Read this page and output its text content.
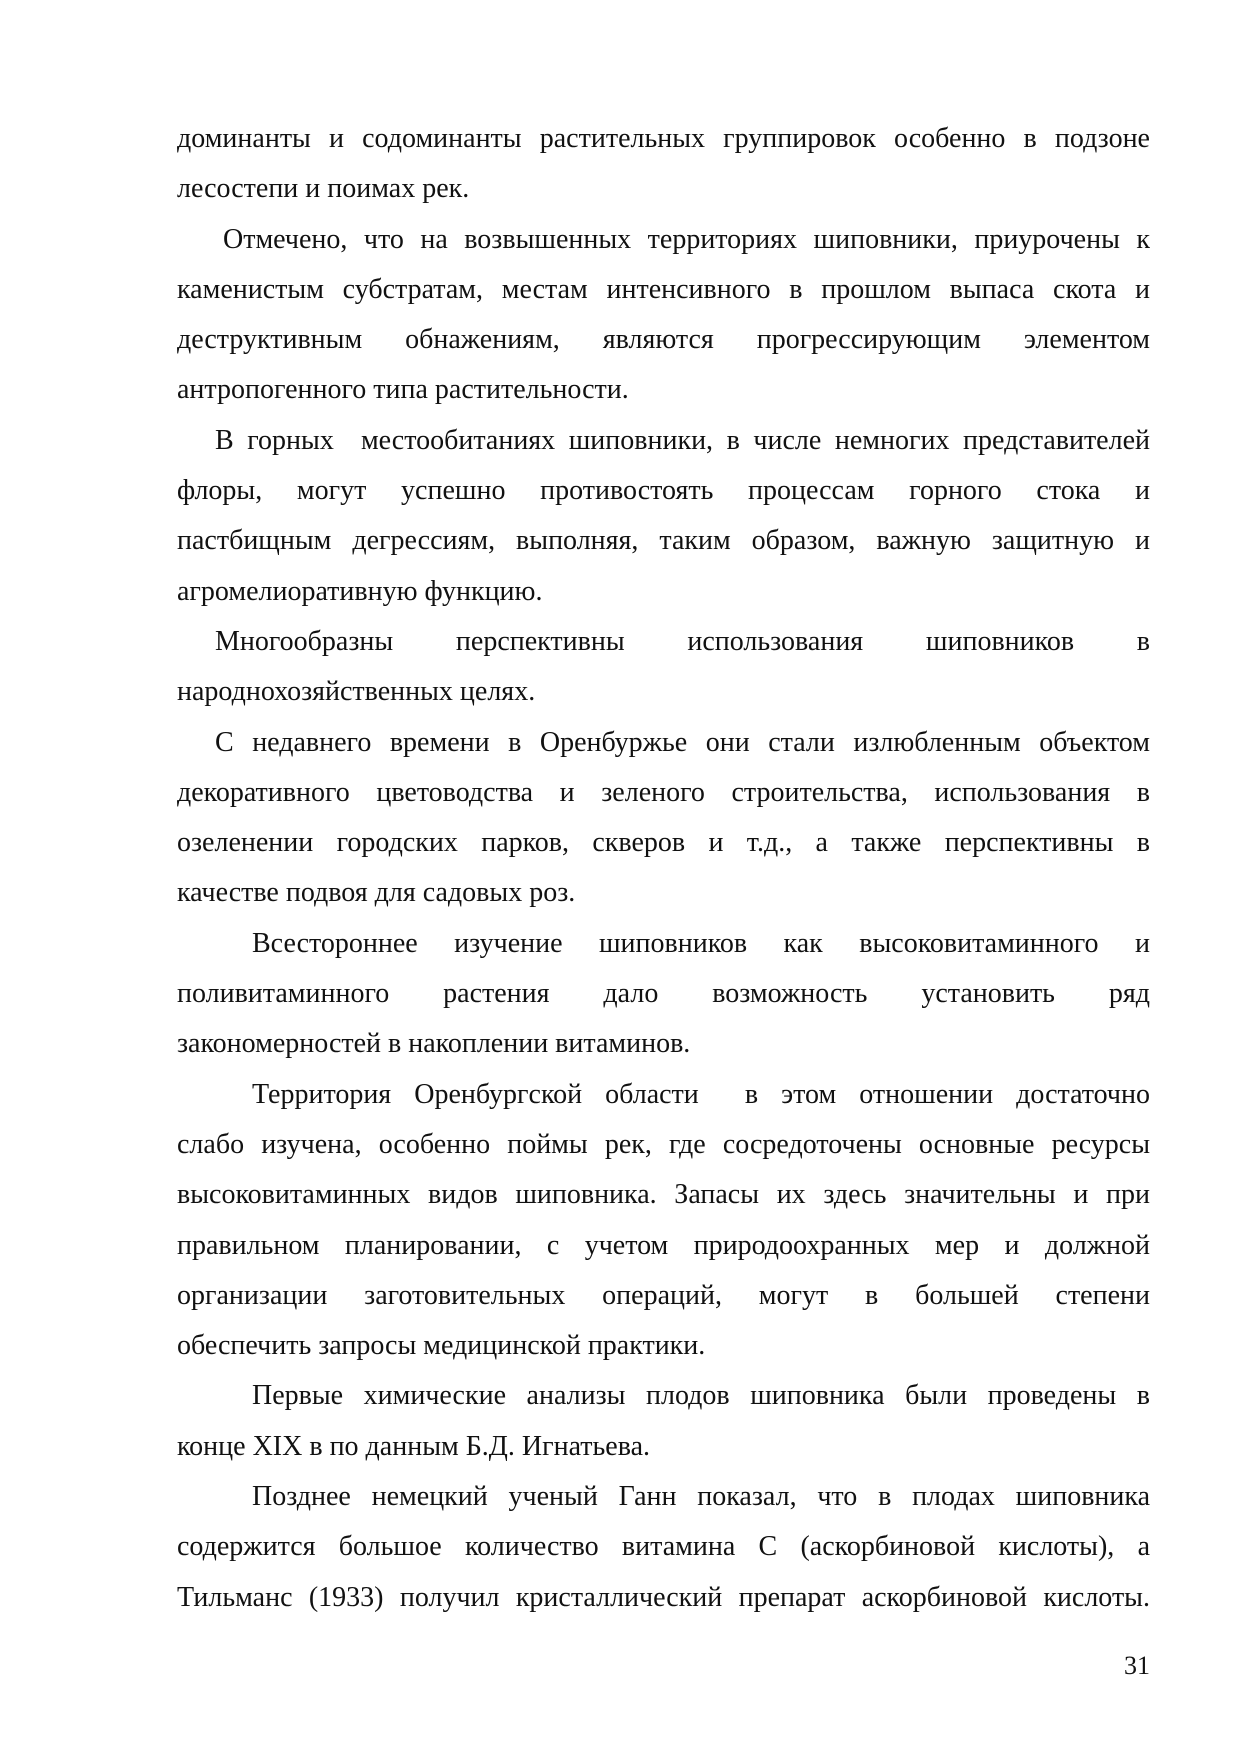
доминанты и содоминанты растительных группировок особенно в подзоне
лесостепи и поимах рек.
Отмечено, что на возвышенных территориях шиповники, приурочены к
каменистым субстратам, местам интенсивного в прошлом выпаса скота и
деструктивным обнажениям, являются прогрессирующим элементом
антропогенного типа растительности.
В горных  местообитаниях шиповники, в числе немногих представителей
флоры, могут успешно противостоять процессам горного стока и
пастбищным дегрессиям, выполняя, таким образом, важную защитную и
агромелиоративную функцию.
Многообразны перспективны использования шиповников в
народнохозяйственных целях.
С недавнего времени в Оренбуржье они стали излюбленным объектом
декоративного цветоводства и зеленого строительства, использования в
озеленении городских парков, скверов и т.д., а также перспективны в
качестве подвоя для садовых роз.
Всестороннее изучение шиповников как высоковитаминного и
поливитаминного растения дало возможность установить ряд
закономерностей в накоплении витаминов.
Территория Оренбургской области  в этом отношении достаточно
слабо изучена, особенно поймы рек, где сосредоточены основные ресурсы
высоковитаминных видов шиповника. Запасы их здесь значительны и при
правильном планировании, с учетом природоохранных мер и должной
организации заготовительных операций, могут в большей степени
обеспечить запросы медицинской практики.
Первые химические анализы плодов шиповника были проведены в
конце XIX в по данным Б.Д. Игнатьева.
Позднее немецкий ученый Ганн показал, что в плодах шиповника
содержится большое количество витамина С (аскорбиновой кислоты), а
Тильманс (1933) получил кристаллический препарат аскорбиновой кислоты.
31
